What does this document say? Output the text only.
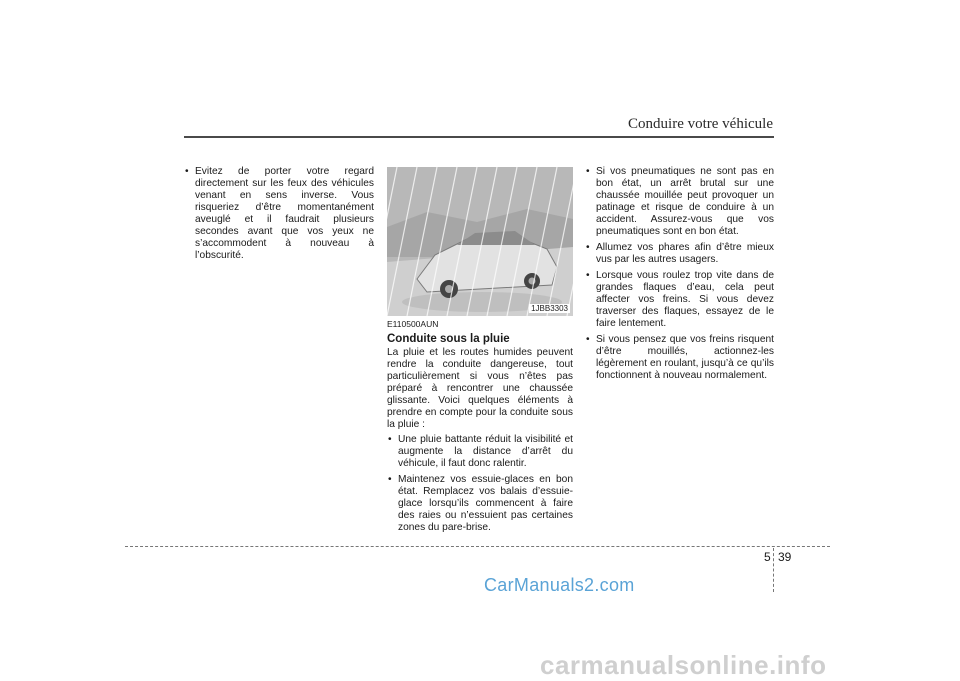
Conduire votre véhicule
• Evitez de porter votre regard directement sur les feux des véhicules venant en sens inverse. Vous risqueriez d’être momentanément aveuglé et il faudrait plusieurs secondes avant que vos yeux ne s’accommodent à nouveau à l’obscurité.
1JBB3303
E110500AUN
Conduite sous la pluie
La pluie et les routes humides peuvent rendre la conduite dangereuse, tout particulièrement si vous n’êtes pas préparé à rencontrer une chaussée glissante. Voici quelques éléments à prendre en compte pour la conduite sous la pluie :
• Une pluie battante réduit la visibilité et augmente la distance d’arrêt du véhicule, il faut donc ralentir.
• Maintenez vos essuie-glaces en bon état. Remplacez vos balais d’essuie-glace lorsqu’ils commencent à faire des raies ou n’essuient pas certaines zones du pare-brise.
• Si vos pneumatiques ne sont pas en bon état, un arrêt brutal sur une chaussée mouillée peut provoquer un patinage et risque de conduire à un accident. Assurez-vous que vos pneumatiques sont en bon état.
• Allumez vos phares afin d’être mieux vus par les autres usagers.
• Lorsque vous roulez trop vite dans de grandes flaques d’eau, cela peut affecter vos freins. Si vous devez traverser des flaques, essayez de le faire lentement.
• Si vous pensez que vos freins risquent d’être mouillés, actionnez-les légèrement en roulant, jusqu’à ce qu’ils fonctionnent à nouveau normalement.
5 39
CarManuals2.com
carmanualsonline.info
